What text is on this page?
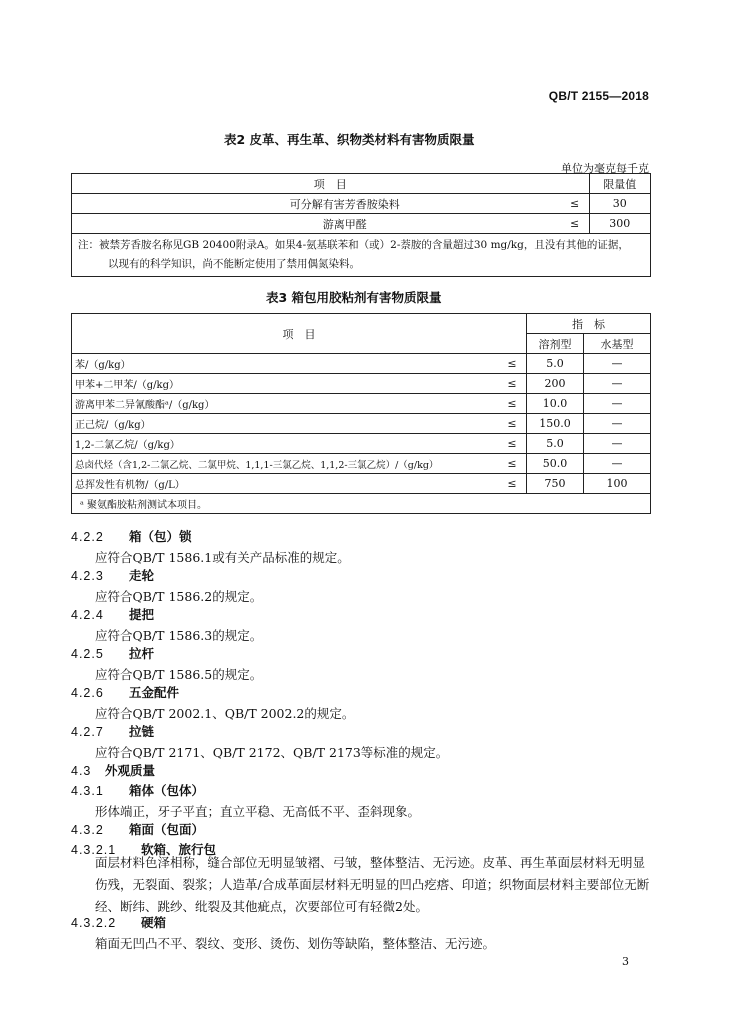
QB/T 2155—2018
表2 皮革、再生革、织物类材料有害物质限量
单位为毫克每千克
项　目		限量值
可分解有害芳香胺染料	≤	30
游离甲醛	≤	300

注：被禁芳香胺名称见GB 20400附录A。如果4-氨基联苯和（或）2-萘胺的含量超过30 mg/kg，且没有其他的证据，
以现有的科学知识，尚不能断定使用了禁用偶氮染料。		
表3 箱包用胶粘剂有害物质限量
项　目		指　标	
		溶剂型	水基型
苯/（g/kg）	≤	5.0	—
甲苯+二甲苯/（g/kg）	≤	200	—
游离甲苯二异氰酸酯ᵃ/（g/kg）	≤	10.0	—
正己烷/（g/kg）	≤	150.0	—
1,2-二氯乙烷/（g/kg）	≤	5.0	—
总卤代烃（含1,2-二氯乙烷、二氯甲烷、1,1,1-三氯乙烷、1,1,2-三氯乙烷）/（g/kg）	≤	50.0	—
总挥发性有机物/（g/L）	≤	750	100
ᵃ 聚氨酯胶粘剂测试本项目。			
4.2.2 箱（包）锁
应符合QB/T 1586.1或有关产品标准的规定。
4.2.3 走轮
应符合QB/T 1586.2的规定。
4.2.4 提把
应符合QB/T 1586.3的规定。
4.2.5 拉杆
应符合QB/T 1586.5的规定。
4.2.6 五金配件
应符合QB/T 2002.1、QB/T 2002.2的规定。
4.2.7 拉链
应符合QB/T 2171、QB/T 2172、QB/T 2173等标准的规定。
4.3 外观质量
4.3.1 箱体（包体）
形体端正，牙子平直；直立平稳、无高低不平、歪斜现象。
4.3.2 箱面（包面）
4.3.2.1 软箱、旅行包
面层材料色泽相称，缝合部位无明显皱褶、弓皱，整体整洁、无污迹。皮革、再生革面层材料无明显伤残，无裂面、裂浆；人造革/合成革面层材料无明显的凹凸疙瘩、印道；织物面层材料主要部位无断经、断纬、跳纱、纰裂及其他疵点，次要部位可有轻微2处。
4.3.2.2 硬箱
箱面无凹凸不平、裂纹、变形、烫伤、划伤等缺陷，整体整洁、无污迹。
3
